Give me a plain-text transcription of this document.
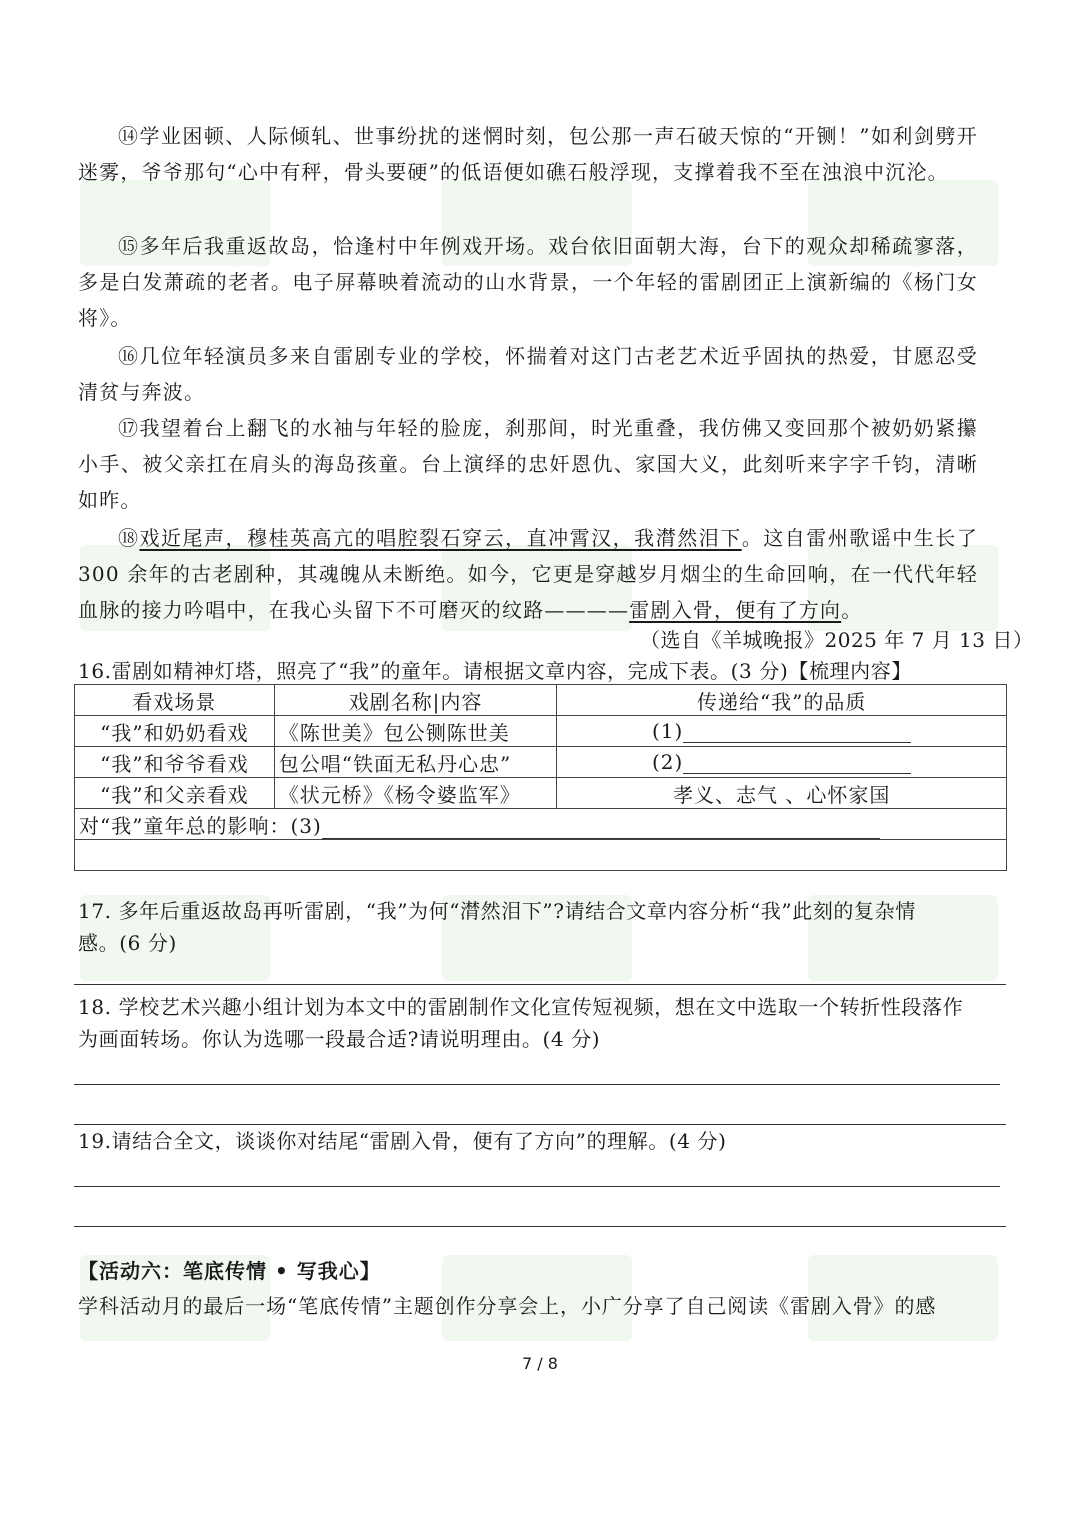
⑭学业困顿、人际倾轧、世事纷扰的迷惘时刻，包公那一声石破天惊的“开铡！”如利剑劈开迷雾，爷爷那句“心中有秤，骨头要硬”的低语便如礁石般浮现，支撑着我不至在浊浪中沉沦。
⑮多年后我重返故岛，恰逢村中年例戏开场。戏台依旧面朝大海，台下的观众却稀疏寥落，多是白发萧疏的老者。电子屏幕映着流动的山水背景，一个年轻的雷剧团正上演新编的《杨门女将》。
⑯几位年轻演员多来自雷剧专业的学校，怀揣着对这门古老艺术近乎固执的热爱，甘愿忍受清贫与奔波。
⑰我望着台上翻飞的水袖与年轻的脸庞，刹那间，时光重叠，我仿佛又变回那个被奶奶紧攥小手、被父亲扛在肩头的海岛孩童。台上演绎的忠奸恩仇、家国大义，此刻听来字字千钧，清晰如昨。
⑱戏近尾声，穆桂英高亢的唱腔裂石穿云，直冲霄汉，我潸然泪下。这自雷州歌谣中生长了 300 余年的古老剧种，其魂魄从未断绝。如今，它更是穿越岁月烟尘的生命回响，在一代代年轻血脉的接力吟唱中，在我心头留下不可磨灭的纹路————雷剧入骨，便有了方向。
（选自《羊城晚报》2025 年 7 月 13 日）
16.雷剧如精神灯塔，照亮了“我”的童年。请根据文章内容，完成下表。(3 分)【梳理内容】
看戏场景	戏剧名称|内容	传递给“我”的品质
“我”和奶奶看戏	《陈世美》包公铡陈世美	(1)
“我”和爷爷看戏	包公唱“铁面无私丹心忠”	(2)
“我”和父亲看戏	《状元桥》《杨令婆监军》	孝义、志气 、心怀家国
对“我”童年总的影响：(3)		

17. 多年后重返故岛再听雷剧，“我”为何“潸然泪下”?请结合文章内容分析“我”此刻的复杂情
感。(6 分)
18. 学校艺术兴趣小组计划为本文中的雷剧制作文化宣传短视频，想在文中选取一个转折性段落作
为画面转场。你认为选哪一段最合适?请说明理由。(4 分)
19.请结合全文，谈谈你对结尾“雷剧入骨，便有了方向”的理解。(4 分)
【活动六：笔底传情 • 写我心】
学科活动月的最后一场“笔底传情”主题创作分享会上，小广分享了自己阅读《雷剧入骨》的感
7 / 8
